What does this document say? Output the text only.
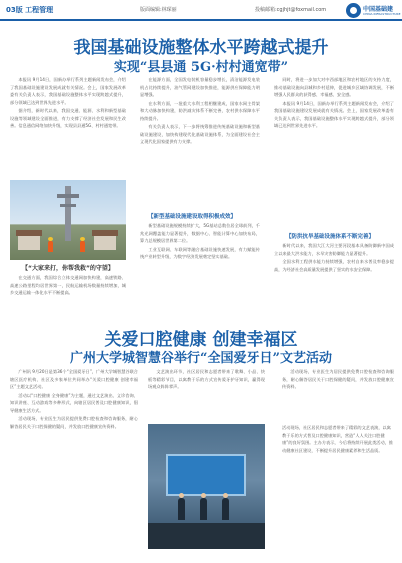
03版 工程管理	版面编辑:林琛丽	投稿邮箱:cgjhjt@foxmail.com	中国基础建
CHINA INFRASTRUCTURE
我国基础设施整体水平跨越式提升
实现“县县通 5G·村村通宽带”

本报讯 9月14日，国新办举行系列主题新闻发布会，介绍了我国基础设施建设发展成就有关情况。会上，国家发展改革委有关负责人表示，我国基础设施整体水平实现跨越式提升，部分领域已达到世界先进水平。

据介绍，新时代以来，我国交通、能源、水利和新型基础设施等领域建设全面推进，有力支撑了经济社会发展和民生改善。信息通信网络加快升级，实现县县通5G、村村通宽带。

【“大家来打，你帮我救”的守望】

在交通方面，我国综合立体交通网加快构建，高速铁路、高速公路里程均居世界第一，民航运输机场数量持续增加，城乡交通运输一体化水平不断提高。

在能源方面，全国发电装机容量稳步增长，清洁能源发电装机占比持续提升，油气管网建设加快推进，能源供应保障能力明显增强。

在水利方面，一批重大水利工程相继建成，国家水网主骨架和大动脉加快构建，防洪减灾体系不断完善，农村供水保障水平持续提升。

有关负责人表示，下一步将统筹推进传统基础设施和新型基础设施建设，加快构建现代化基础设施体系，为全面建设社会主义现代化国家提供有力支撑。

【新型基础设施建设取得积极成效】

新型基础设施规模持续扩大，5G基站总数位居全球前列，千兆光网覆盖能力显著提升，数据中心、智能计算中心加快布局，算力总规模居世界第二位。

工业互联网、车联网等融合基础设施快速发展，有力赋能传统产业转型升级，为数字经济发展奠定坚实基础。

同时，将进一步加大对中西部地区和农村地区的支持力度，推动基础设施向县城和乡村延伸，促进城乡区域协调发展，不断增强人民群众的获得感、幸福感、安全感。

本报讯 9月14日，国新办举行系列主题新闻发布会，介绍了我国基础设施建设发展成就有关情况。会上，国家发展改革委有关负责人表示，我国基础设施整体水平实现跨越式提升，部分领域已达到世界先进水平。

【防洪抗旱基础设施体系不断完善】

新时代以来，我国大江大河主要河段基本具备防御新中国成立以来最大洪水能力，水旱灾害防御能力显著提升。

全国水利工程供水能力持续增强，农村自来水普及率稳步提高，为经济社会高质量发展提供了坚实的水安全保障。

关爱口腔健康 创建幸福区
广州大学城智慧谷举行“全国爱牙日”文艺活动

广州讯 9月20日是第36个“全国爱牙日”，广州大学城智慧谷联合辖区医疗机构、社区及多家单位共同举办“关爱口腔健康 创建幸福区”主题文艺活动。

活动以“口腔健康 全身健康”为主题，通过文艺演出、义诊咨询、知识讲座、互动游戏等多种形式，向辖区居民普及口腔健康知识，倡导健康生活方式。

活动现场，专业医生为居民提供免费口腔检查和咨询服务，耐心解答居民关于口腔保健的疑问，并发放口腔健康宣传资料。

文艺演出环节，社区居民和志愿者带来了歌舞、小品、快板等精彩节目，以寓教于乐的方式宣传爱牙护牙知识，赢得现场观众阵阵掌声。

活动现场，专业医生为居民提供免费口腔检查和咨询服务，耐心解答居民关于口腔保健的疑问，并发放口腔健康宣传资料。

活动现场，社区居民和志愿者带来了精彩的文艺表演，以寓教于乐的方式普及口腔健康知识，营造“人人关注口腔健康”的良好氛围。主办方表示，今后将持续开展此类活动，推动健康社区建设，不断提升居民健康素养和生活品质。
